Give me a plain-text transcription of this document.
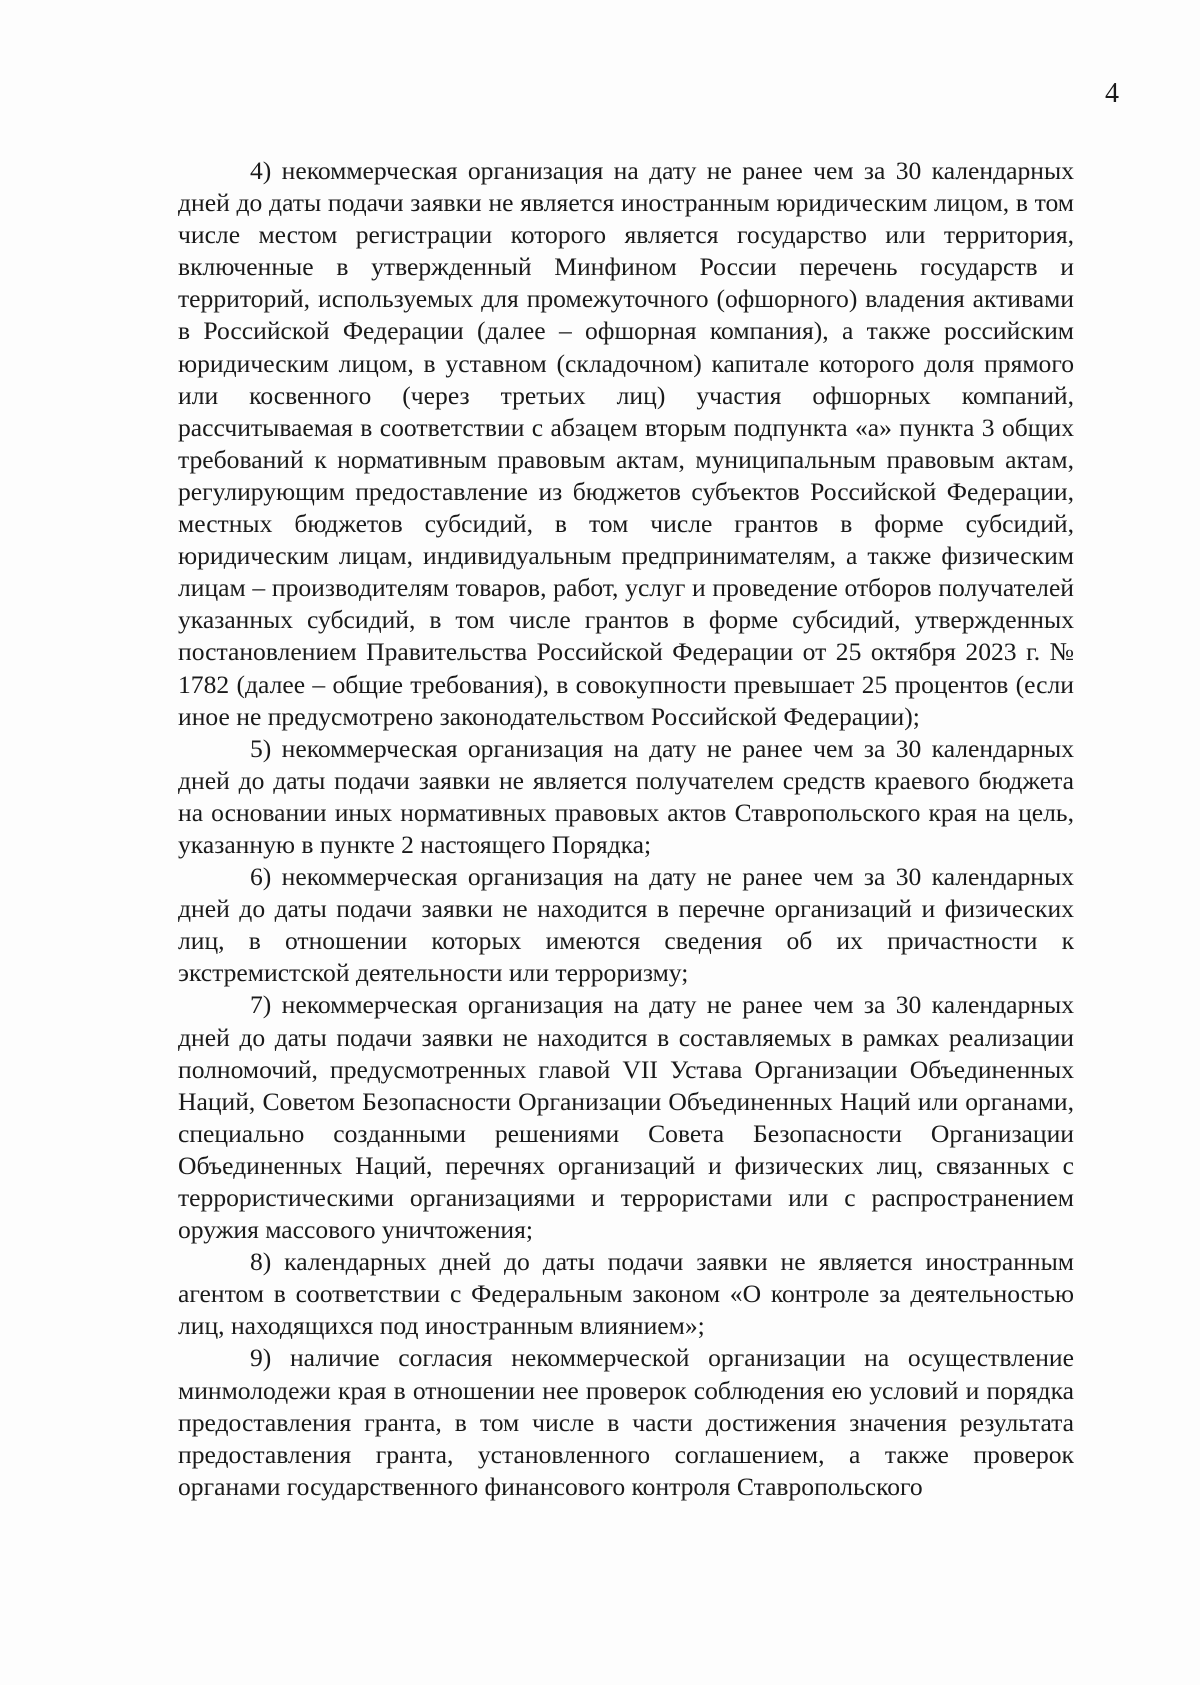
4

4) некоммерческая организация на дату не ранее чем за 30 календарных дней до даты подачи заявки не является иностранным юридическим лицом, в том числе местом регистрации которого является государство или территория, включенные в утвержденный Минфином России перечень государств и территорий, используемых для промежуточного (офшорного) владения активами в Российской Федерации (далее – офшорная компания), а также российским юридическим лицом, в уставном (складочном) капитале которого доля прямого или косвенного (через третьих лиц) участия офшорных компаний, рассчитываемая в соответствии с абзацем вторым подпункта «а» пункта 3 общих требований к нормативным правовым актам, муниципальным правовым актам, регулирующим предоставление из бюджетов субъектов Российской Федерации, местных бюджетов субсидий, в том числе грантов в форме субсидий, юридическим лицам, индивидуальным предпринимателям, а также физическим лицам – производителям товаров, работ, услуг и проведение отборов получателей указанных субсидий, в том числе грантов в форме субсидий, утвержденных постановлением Правительства Российской Федерации от 25 октября 2023 г. № 1782 (далее – общие требования), в совокупности превышает 25 процентов (если иное не предусмотрено законодательством Российской Федерации);

5) некоммерческая организация на дату не ранее чем за 30 календарных дней до даты подачи заявки не является получателем средств краевого бюджета на основании иных нормативных правовых актов Ставропольского края на цель, указанную в пункте 2 настоящего Порядка;

6) некоммерческая организация на дату не ранее чем за 30 календарных дней до даты подачи заявки не находится в перечне организаций и физических лиц, в отношении которых имеются сведения об их причастности к экстремистской деятельности или терроризму;

7) некоммерческая организация на дату не ранее чем за 30 календарных дней до даты подачи заявки не находится в составляемых в рамках реализации полномочий, предусмотренных главой VII Устава Организации Объединенных Наций, Советом Безопасности Организации Объединенных Наций или органами, специально созданными решениями Совета Безопасности Организации Объединенных Наций, перечнях организаций и физических лиц, связанных с террористическими организациями и террористами или с распространением оружия массового уничтожения;

8) календарных дней до даты подачи заявки не является иностранным агентом в соответствии с Федеральным законом «О контроле за деятельностью лиц, находящихся под иностранным влиянием»;

9) наличие согласия некоммерческой организации на осуществление минмолодежи края в отношении нее проверок соблюдения ею условий и порядка предоставления гранта, в том числе в части достижения значения результата предоставления гранта, установленного соглашением, а также проверок органами государственного финансового контроля Ставропольского
